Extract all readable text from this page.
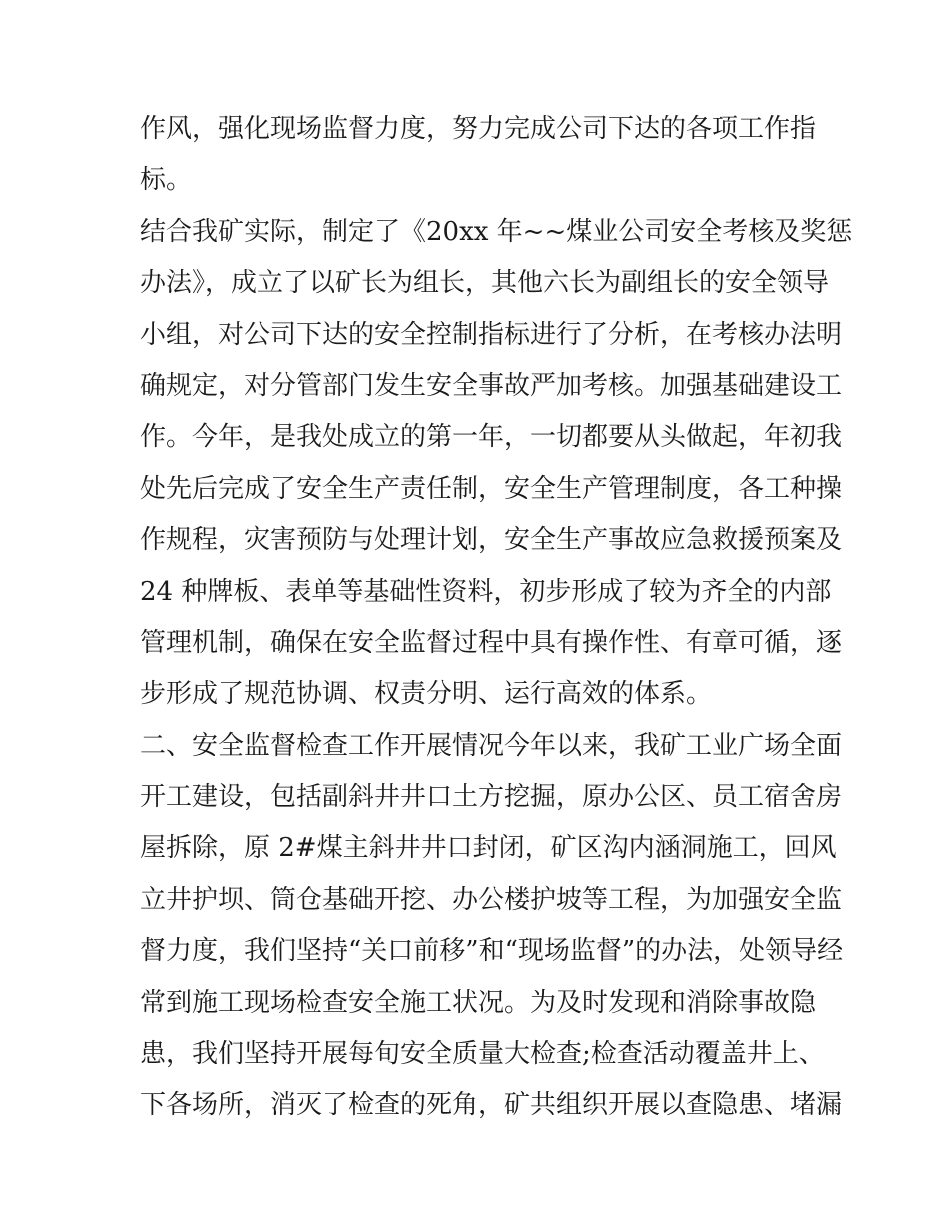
作风，强化现场监督力度，努力完成公司下达的各项工作指
标。
结合我矿实际，制定了《20xx 年~~煤业公司安全考核及奖惩
办法》，成立了以矿长为组长，其他六长为副组长的安全领导
小组，对公司下达的安全控制指标进行了分析，在考核办法明
确规定，对分管部门发生安全事故严加考核。加强基础建设工
作。今年，是我处成立的第一年，一切都要从头做起，年初我
处先后完成了安全生产责任制，安全生产管理制度，各工种操
作规程，灾害预防与处理计划，安全生产事故应急救援预案及
24 种牌板、表单等基础性资料，初步形成了较为齐全的内部
管理机制，确保在安全监督过程中具有操作性、有章可循，逐
步形成了规范协调、权责分明、运行高效的体系。
二、安全监督检查工作开展情况今年以来，我矿工业广场全面
开工建设，包括副斜井井口土方挖掘，原办公区、员工宿舍房
屋拆除，原 2#煤主斜井井口封闭，矿区沟内涵洞施工，回风
立井护坝、筒仓基础开挖、办公楼护坡等工程，为加强安全监
督力度，我们坚持“关口前移”和“现场监督”的办法，处领导经
常到施工现场检查安全施工状况。为及时发现和消除事故隐
患，我们坚持开展每旬安全质量大检查;检查活动覆盖井上、
下各场所，消灭了检查的死角，矿共组织开展以查隐患、堵漏
